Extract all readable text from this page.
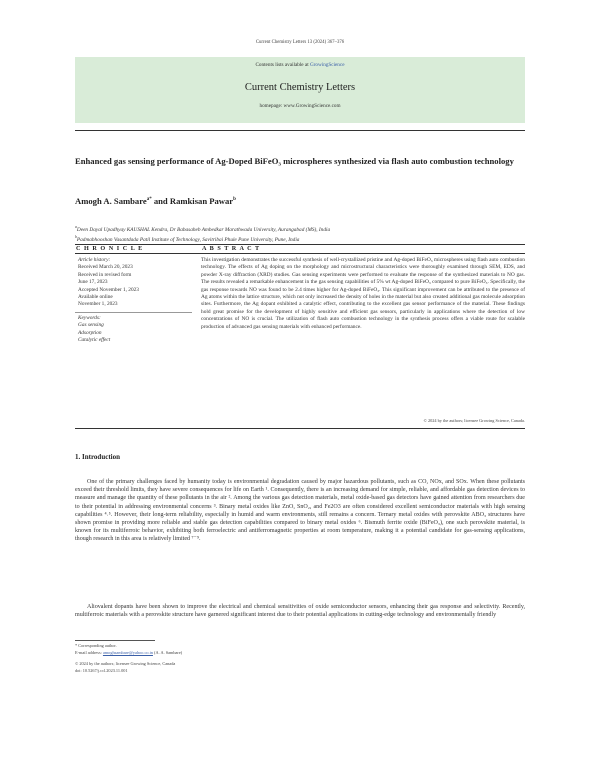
Current Chemistry Letters 13 (2024) 367–376
Contents lists available at GrowingScience
Current Chemistry Letters
homepage: www.GrowingScience.com
Enhanced gas sensing performance of Ag-Doped BiFeO₃ microspheres synthesized via flash auto combustion technology
Amogh A. Sambare$^{a*}$ and Ramkisan Pawar$^b$
$^a$Deen Dayal Upadhyay KAUSHAL Kendra, Dr Babasaheb Ambedkar Marathwada University, Aurangabad (MS), India
$^b$Padmabhooshan Vasantdada Patil Institute of Technology, Savitribai Phule Pune University, Pune, India
C H R O N I C L E	A B S T R A C T
Article history:
Received March 20, 2023
Received in revised form
June 17, 2023
Accepted November 1, 2023
Available online
November 1, 2023
Keywords:
Gas sensing
Adsorption
Catalytic effect
This investigation demonstrates the successful synthesis of well-crystallized pristine and Ag-doped BiFeO₃ microspheres using flash auto combustion technology. The effects of Ag doping on the morphology and microstructural characteristics were thoroughly examined through SEM, EDS, and powder X-ray diffraction (XRD) studies. Gas sensing experiments were performed to evaluate the response of the synthesized materials to NO gas. The results revealed a remarkable enhancement in the gas sensing capabilities of 5% wt Ag-doped BiFeO₃ compared to pure BiFeO₃. Specifically, the gas response towards NO was found to be 2.4 times higher for Ag-doped BiFeO₃. This significant improvement can be attributed to the presence of Ag atoms within the lattice structure, which not only increased the density of holes in the material but also created additional gas molecule adsorption sites. Furthermore, the Ag dopant exhibited a catalytic effect, contributing to the excellent gas sensor performance of the material. These findings hold great promise for the development of highly sensitive and efficient gas sensors, particularly in applications where the detection of low concentrations of NO is crucial. The utilization of flash auto combustion technology in the synthesis process offers a viable route for scalable production of advanced gas sensing materials with enhanced performance.
© 2024 by the authors; licensee Growing Science, Canada.
1. Introduction
One of the primary challenges faced by humanity today is environmental degradation caused by major hazardous pollutants, such as CO, NOx, and SOx. When these pollutants exceed their threshold limits, they have severe consequences for life on Earth ¹. Consequently, there is an increasing demand for simple, reliable, and affordable gas detection devices to measure and manage the quantity of these pollutants in the air ². Among the various gas detection materials, metal oxide-based gas detectors have gained attention from researchers due to their potential in addressing environmental concerns ³. Binary metal oxides like ZnO, SnO₂, and Fe2O3 are often considered excellent semiconductor materials with high sensing capabilities ⁴˒⁵. However, their long-term reliability, especially in humid and warm environments, still remains a concern. Ternary metal oxides with perovskite ABO₃ structures have shown promise in providing more reliable and stable gas detection capabilities compared to binary metal oxides ⁶. Bismuth ferrite oxide (BiFeO₃), one such perovskite material, is known for its multiferroic behavior, exhibiting both ferroelectric and antiferromagnetic properties at room temperature, making it a potential candidate for gas-sensing applications, though research in this area is relatively limited ⁷⁻⁹.
Aliovalent dopants have been shown to improve the electrical and chemical sensitivities of oxide semiconductor sensors, enhancing their gas response and selectivity. Recently, multiferroic materials with a perovskite structure have garnered significant interest due to their potential applications in cutting-edge technology and environmentally friendly
* Corresponding author.
E-mail address: amoghsambare@yahoo.co.in (A. A. Sambare)
© 2024 by the authors; licensee Growing Science, Canada
doi: 10.5267/j.ccl.2023.11.001
